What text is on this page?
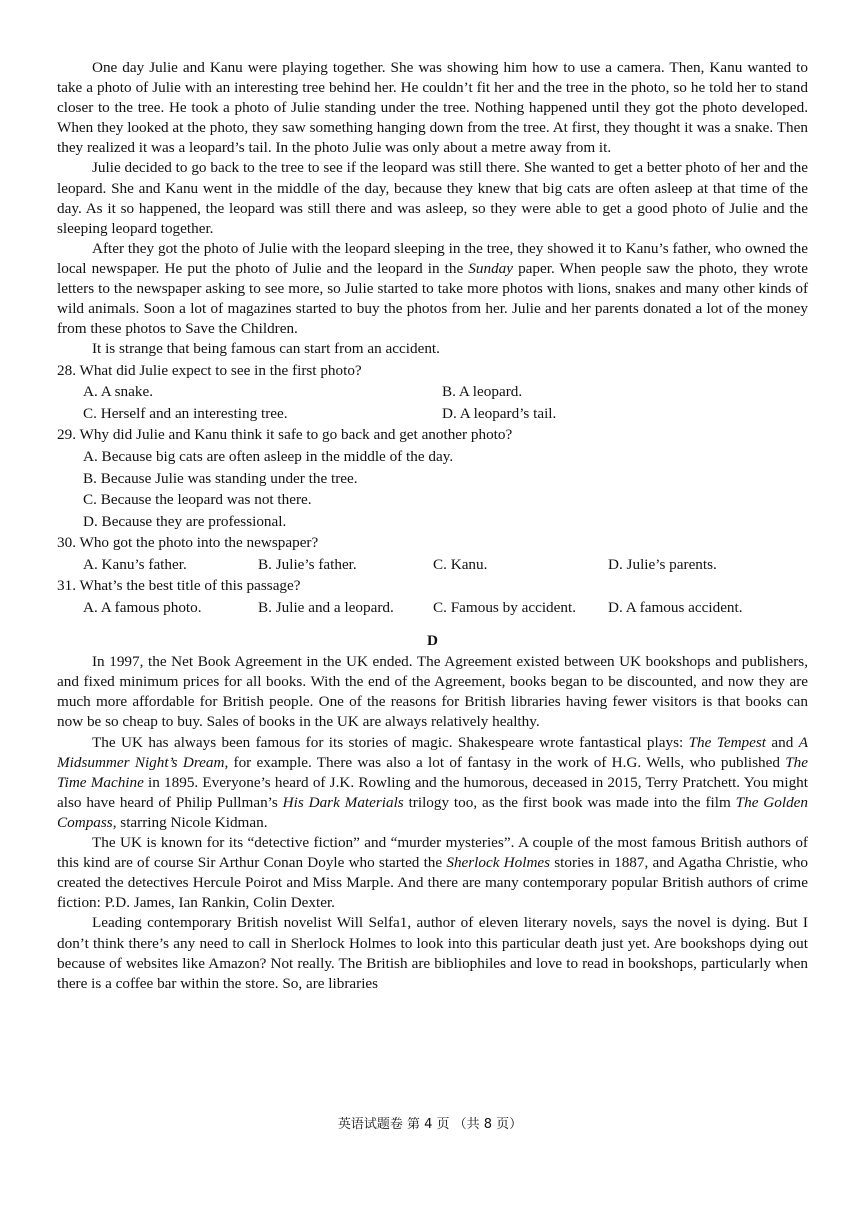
One day Julie and Kanu were playing together. She was showing him how to use a camera. Then, Kanu wanted to take a photo of Julie with an interesting tree behind her. He couldn’t fit her and the tree in the photo, so he told her to stand closer to the tree. He took a photo of Julie standing under the tree. Nothing happened until they got the photo developed. When they looked at the photo, they saw something hanging down from the tree. At first, they thought it was a snake. Then they realized it was a leopard’s tail. In the photo Julie was only about a metre away from it.

Julie decided to go back to the tree to see if the leopard was still there. She wanted to get a better photo of her and the leopard. She and Kanu went in the middle of the day, because they knew that big cats are often asleep at that time of the day. As it so happened, the leopard was still there and was asleep, so they were able to get a good photo of Julie and the sleeping leopard together.

After they got the photo of Julie with the leopard sleeping in the tree, they showed it to Kanu’s father, who owned the local newspaper. He put the photo of Julie and the leopard in the Sunday paper. When people saw the photo, they wrote letters to the newspaper asking to see more, so Julie started to take more photos with lions, snakes and many other kinds of wild animals. Soon a lot of magazines started to buy the photos from her. Julie and her parents donated a lot of the money from these photos to Save the Children.

It is strange that being famous can start from an accident.

28. What did Julie expect to see in the first photo?

A. A snake.	B. A leopard.
C. Herself and an interesting tree.	D. A leopard’s tail.

29. Why did Julie and Kanu think it safe to go back and get another photo?

A. Because big cats are often asleep in the middle of the day.
B. Because Julie was standing under the tree.
C. Because the leopard was not there.
D. Because they are professional.

30. Who got the photo into the newspaper?

A. Kanu’s father.	B. Julie’s father.	C. Kanu.	D. Julie’s parents.

31. What’s the best title of this passage?

A. A famous photo.	B. Julie and a leopard.	C. Famous by accident.	D. A famous accident.
D

In 1997, the Net Book Agreement in the UK ended. The Agreement existed between UK bookshops and publishers, and fixed minimum prices for all books. With the end of the Agreement, books began to be discounted, and now they are much more affordable for British people. One of the reasons for British libraries having fewer visitors is that books can now be so cheap to buy. Sales of books in the UK are always relatively healthy.

The UK has always been famous for its stories of magic. Shakespeare wrote fantastical plays: The Tempest and A Midsummer Night’s Dream, for example. There was also a lot of fantasy in the work of H.G. Wells, who published The Time Machine in 1895. Everyone’s heard of J.K. Rowling and the humorous, deceased in 2015, Terry Pratchett. You might also have heard of Philip Pullman’s His Dark Materials trilogy too, as the first book was made into the film The Golden Compass, starring Nicole Kidman.

The UK is known for its “detective fiction” and “murder mysteries”. A couple of the most famous British authors of this kind are of course Sir Arthur Conan Doyle who started the Sherlock Holmes stories in 1887, and Agatha Christie, who created the detectives Hercule Poirot and Miss Marple. And there are many contemporary popular British authors of crime fiction: P.D. James, Ian Rankin, Colin Dexter.

Leading contemporary British novelist Will Selfa1, author of eleven literary novels, says the novel is dying. But I don’t think there’s any need to call in Sherlock Holmes to look into this particular death just yet. Are bookshops dying out because of websites like Amazon? Not really. The British are bibliophiles and love to read in bookshops, particularly when there is a coffee bar within the store. So, are libraries

英语试题卷 第 4 页 （共 8 页）
